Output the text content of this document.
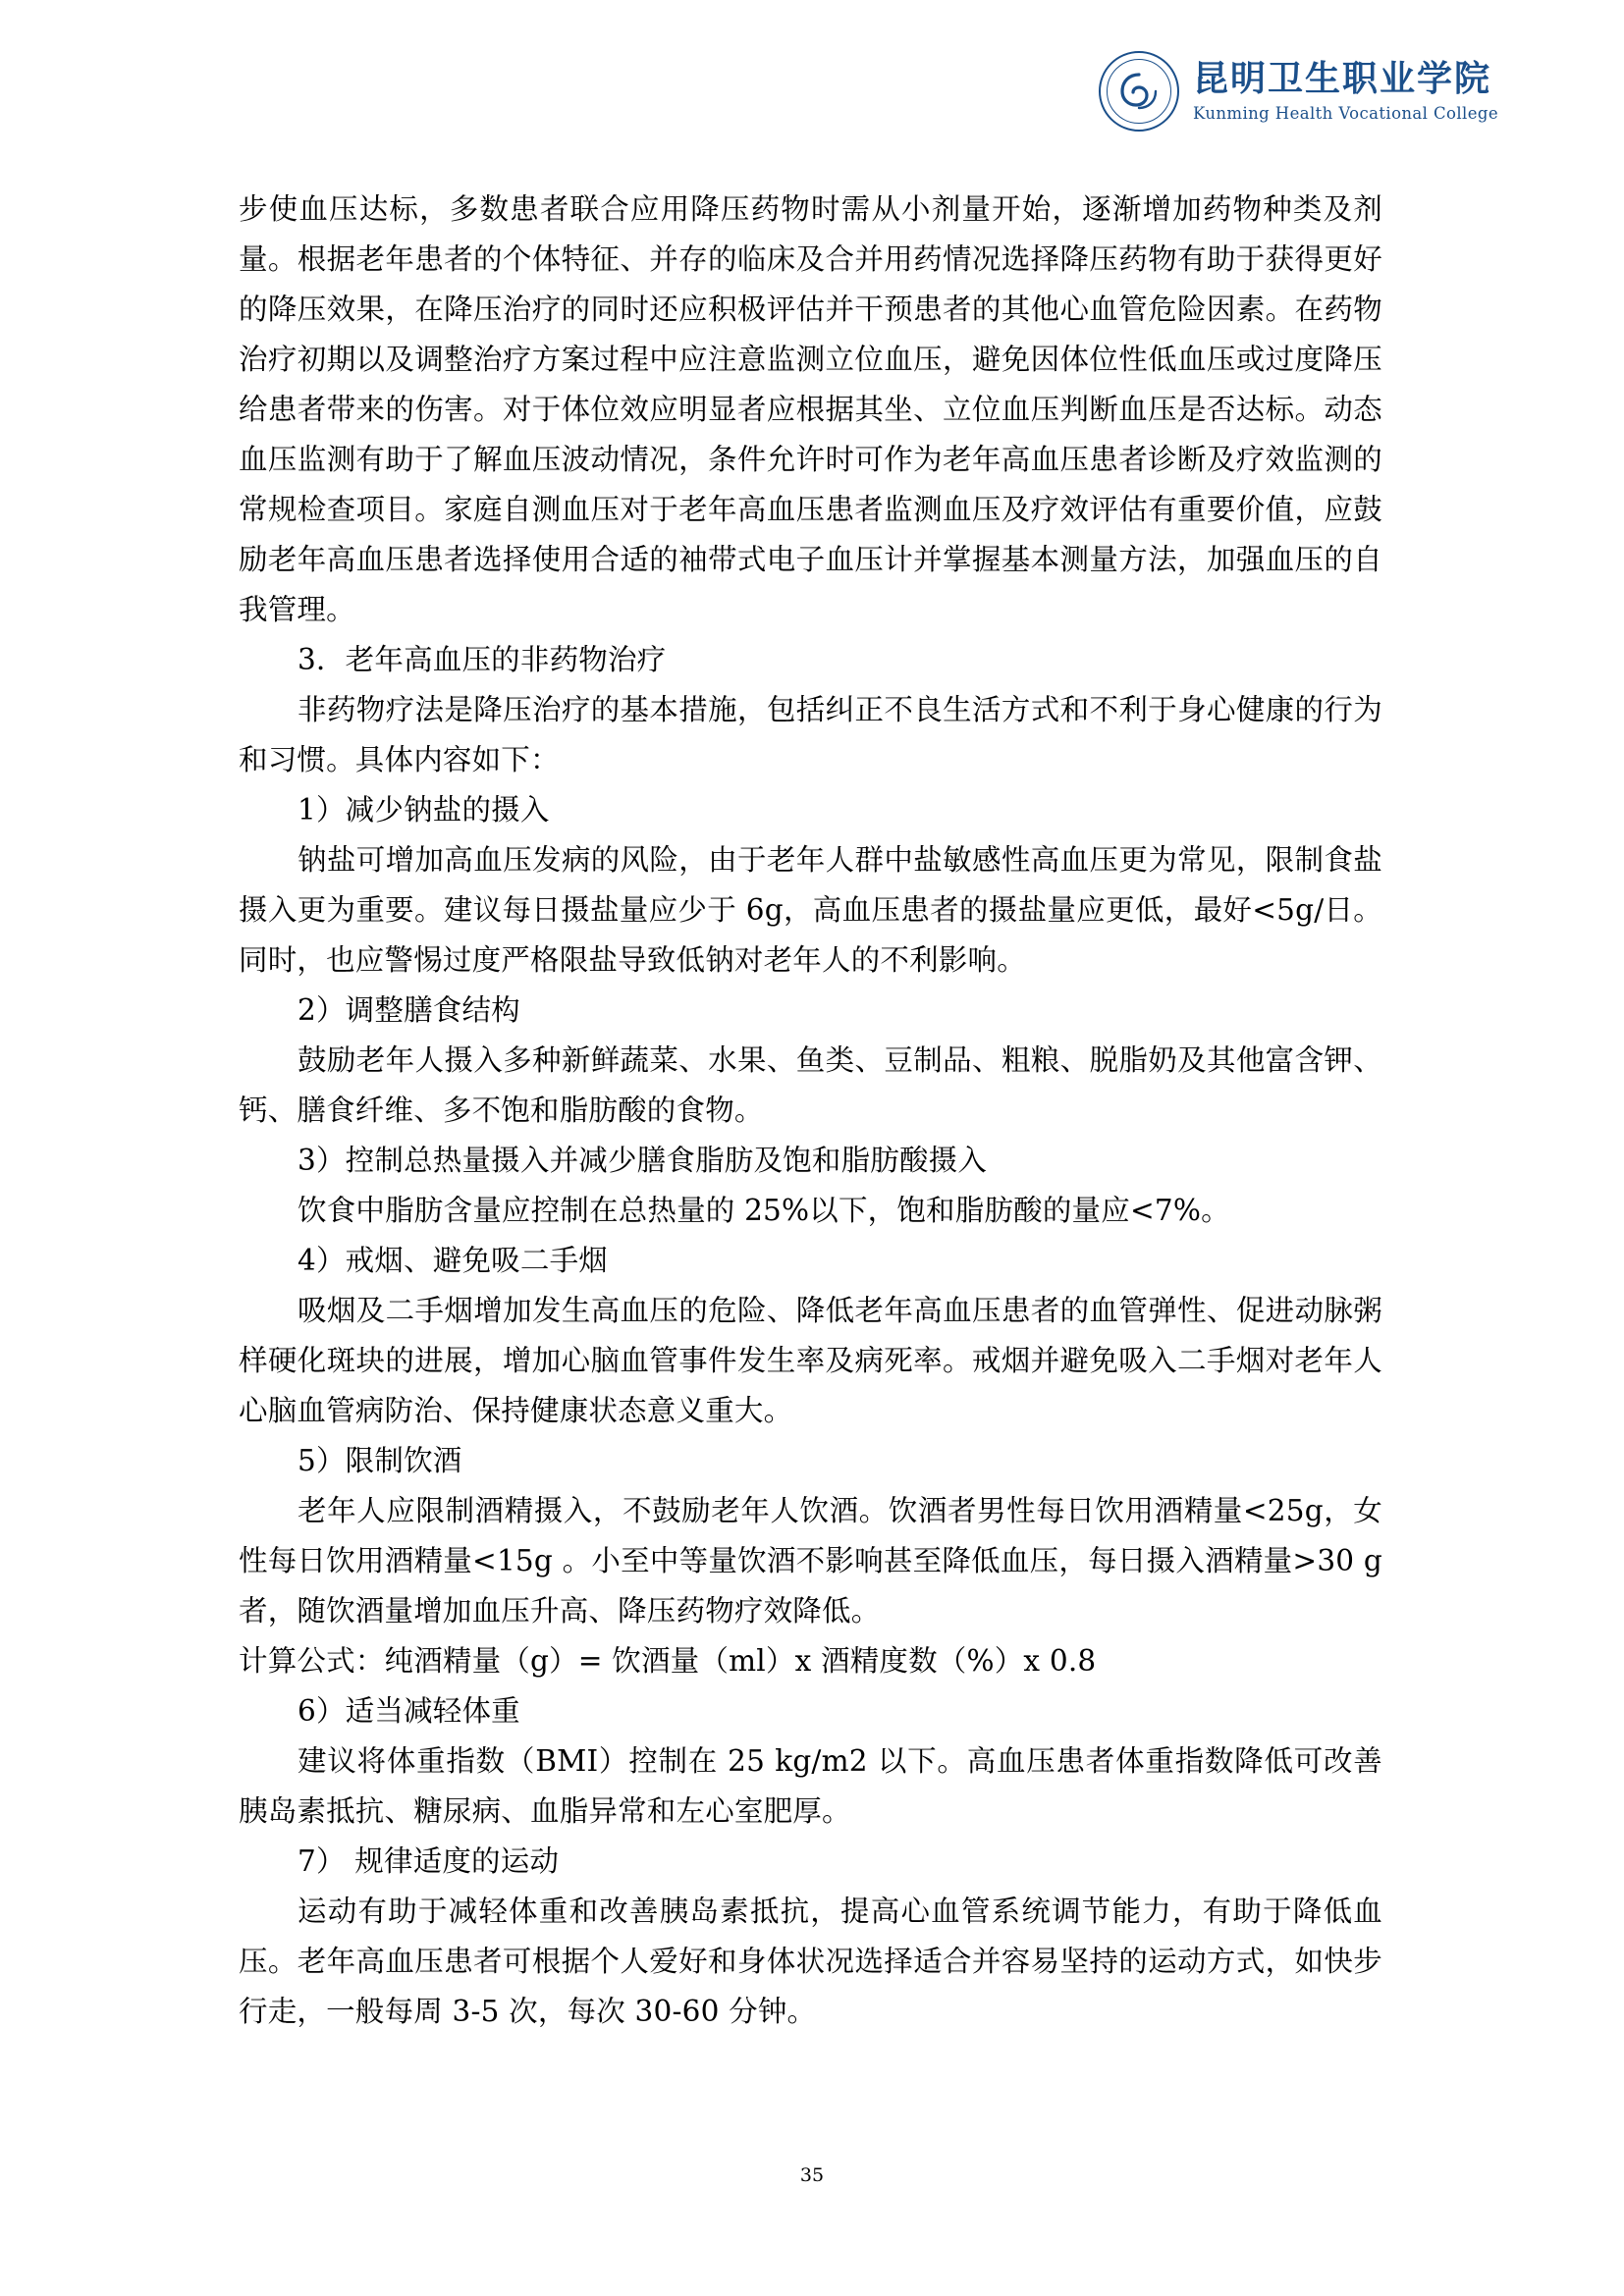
昆明卫生职业学院
Kunming Health Vocational College

步使血压达标，多数患者联合应用降压药物时需从小剂量开始，逐渐增加药物种类及剂量。根据老年患者的个体特征、并存的临床及合并用药情况选择降压药物有助于获得更好的降压效果，在降压治疗的同时还应积极评估并干预患者的其他心血管危险因素。在药物治疗初期以及调整治疗方案过程中应注意监测立位血压，避免因体位性低血压或过度降压给患者带来的伤害。对于体位效应明显者应根据其坐、立位血压判断血压是否达标。动态血压监测有助于了解血压波动情况，条件允许时可作为老年高血压患者诊断及疗效监测的常规检查项目。家庭自测血压对于老年高血压患者监测血压及疗效评估有重要价值，应鼓励老年高血压患者选择使用合适的袖带式电子血压计并掌握基本测量方法，加强血压的自我管理。

3．老年高血压的非药物治疗

非药物疗法是降压治疗的基本措施，包括纠正不良生活方式和不利于身心健康的行为和习惯。具体内容如下：

1）减少钠盐的摄入

钠盐可增加高血压发病的风险，由于老年人群中盐敏感性高血压更为常见，限制食盐摄入更为重要。建议每日摄盐量应少于 6g，高血压患者的摄盐量应更低，最好<5g/日。同时，也应警惕过度严格限盐导致低钠对老年人的不利影响。

2）调整膳食结构

鼓励老年人摄入多种新鲜蔬菜、水果、鱼类、豆制品、粗粮、脱脂奶及其他富含钾、钙、膳食纤维、多不饱和脂肪酸的食物。

3）控制总热量摄入并减少膳食脂肪及饱和脂肪酸摄入

饮食中脂肪含量应控制在总热量的 25%以下，饱和脂肪酸的量应<7%。

4）戒烟、避免吸二手烟

吸烟及二手烟增加发生高血压的危险、降低老年高血压患者的血管弹性、促进动脉粥样硬化斑块的进展，增加心脑血管事件发生率及病死率。戒烟并避免吸入二手烟对老年人心脑血管病防治、保持健康状态意义重大。

5）限制饮酒

老年人应限制酒精摄入，不鼓励老年人饮酒。饮酒者男性每日饮用酒精量<25g，女性每日饮用酒精量<15g 。小至中等量饮酒不影响甚至降低血压，每日摄入酒精量>30 g 者，随饮酒量增加血压升高、降压药物疗效降低。

计算公式：纯酒精量（g）= 饮酒量（ml）x 酒精度数（%）x 0.8

6）适当减轻体重

建议将体重指数（BMI）控制在 25 kg/m2 以下。高血压患者体重指数降低可改善胰岛素抵抗、糖尿病、血脂异常和左心室肥厚。

7） 规律适度的运动

运动有助于减轻体重和改善胰岛素抵抗，提高心血管系统调节能力，有助于降低血压。老年高血压患者可根据个人爱好和身体状况选择适合并容易坚持的运动方式，如快步行走，一般每周 3-5 次，每次 30-60 分钟。

35
